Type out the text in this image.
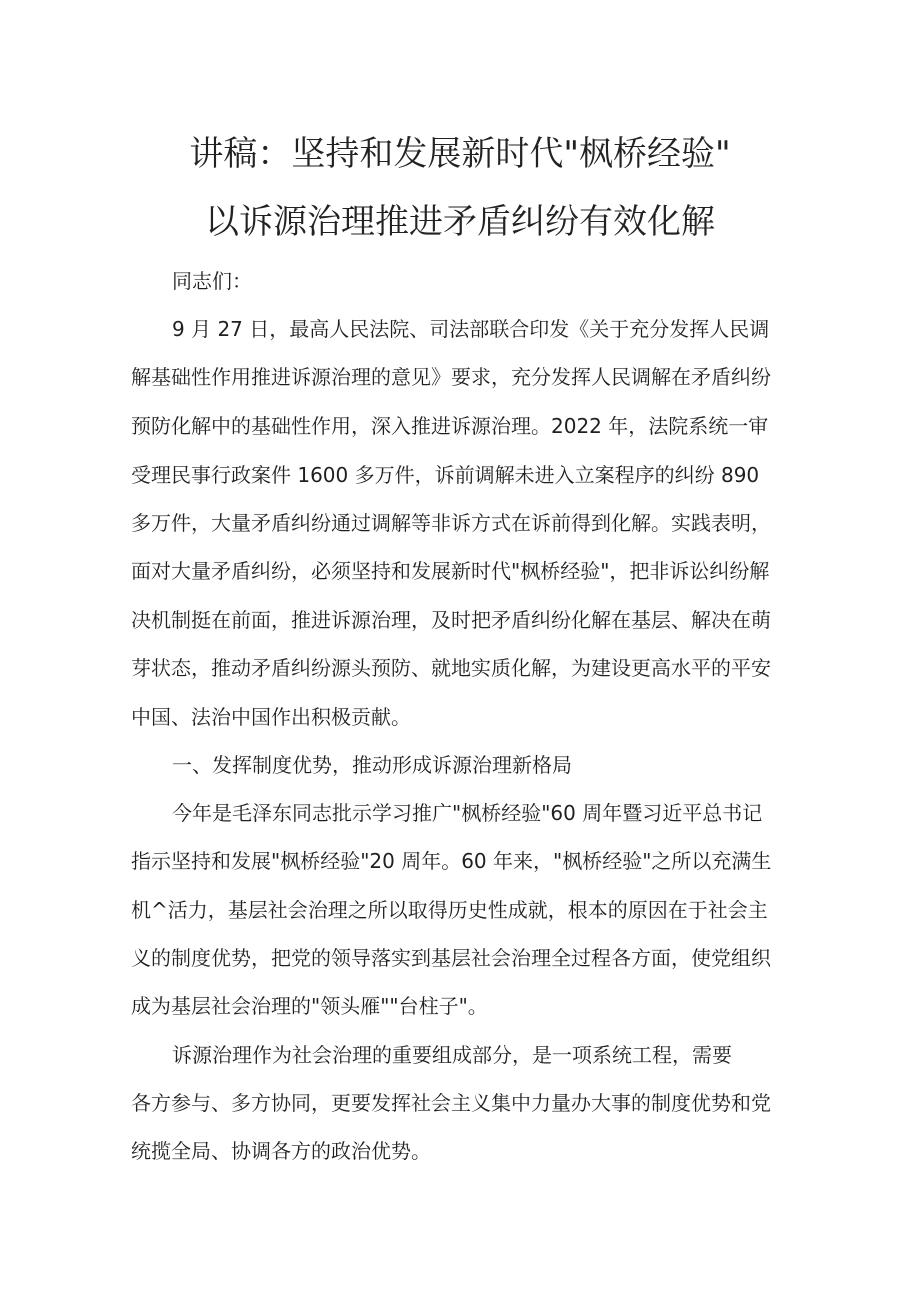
讲稿：坚持和发展新时代"枫桥经验"
以诉源治理推进矛盾纠纷有效化解
同志们：
9 月 27 日，最高人民法院、司法部联合印发《关于充分发挥人民调
解基础性作用推进诉源治理的意见》要求，充分发挥人民调解在矛盾纠纷
预防化解中的基础性作用，深入推进诉源治理。2022 年，法院系统一审
受理民事行政案件 1600 多万件，诉前调解未进入立案程序的纠纷 890
多万件，大量矛盾纠纷通过调解等非诉方式在诉前得到化解。实践表明，
面对大量矛盾纠纷，必须坚持和发展新时代"枫桥经验"，把非诉讼纠纷解
决机制挺在前面，推进诉源治理，及时把矛盾纠纷化解在基层、解决在萌
芽状态，推动矛盾纠纷源头预防、就地实质化解，为建设更高水平的平安
中国、法治中国作出积极贡献。
一、发挥制度优势，推动形成诉源治理新格局
今年是毛泽东同志批示学习推广"枫桥经验"60 周年暨习近平总书记
指示坚持和发展"枫桥经验"20 周年。60 年来，"枫桥经验"之所以充满生
机^活力，基层社会治理之所以取得历史性成就，根本的原因在于社会主
义的制度优势，把党的领导落实到基层社会治理全过程各方面，使党组织
成为基层社会治理的"领头雁""台柱子"。
诉源治理作为社会治理的重要组成部分，是一项系统工程，需要
各方参与、多方协同，更要发挥社会主义集中力量办大事的制度优势和党
统揽全局、协调各方的政治优势。
